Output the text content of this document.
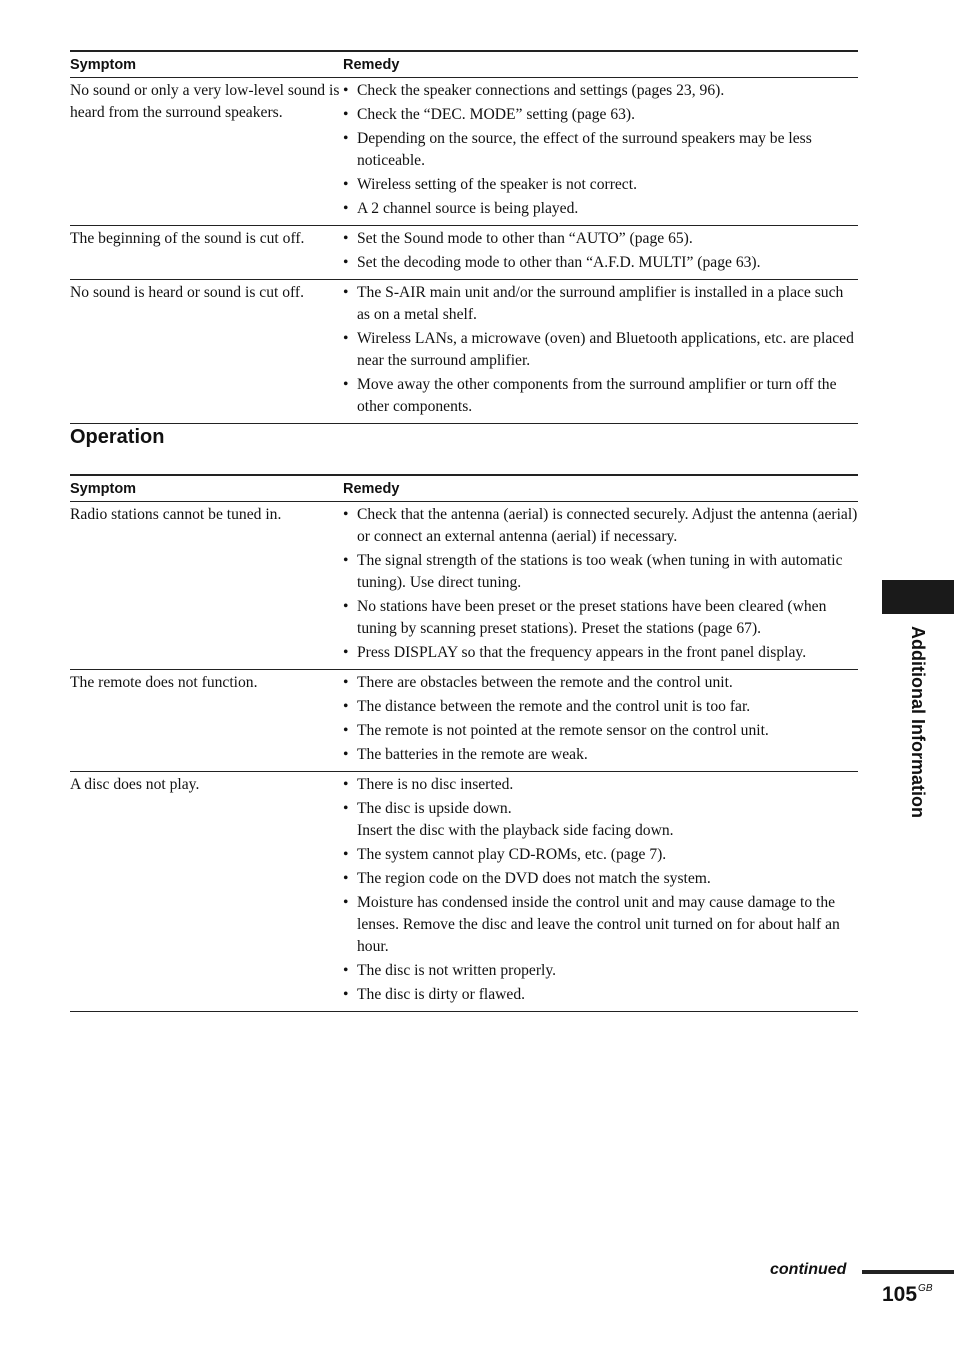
Symptom	Remedy
No sound or only a very low-level sound is heard from the surround speakers.
• Check the speaker connections and settings (pages 23, 96).
• Check the “DEC. MODE” setting (page 63).
• Depending on the source, the effect of the surround speakers may be less noticeable.
• Wireless setting of the speaker is not correct.
• A 2 channel source is being played.
The beginning of the sound is cut off.	• Set the Sound mode to other than “AUTO” (page 65).
• Set the decoding mode to other than “A.F.D. MULTI” (page 63).
No sound is heard or sound is cut off.	• The S-AIR main unit and/or the surround amplifier is installed in a place such as on a metal shelf.
• Wireless LANs, a microwave (oven) and Bluetooth applications, etc. are placed near the surround amplifier.
• Move away the other components from the surround amplifier or turn off the other components.
Operation
Symptom	Remedy
Radio stations cannot be tuned in.	• Check that the antenna (aerial) is connected securely. Adjust the antenna (aerial) or connect an external antenna (aerial) if necessary.
• The signal strength of the stations is too weak (when tuning in with automatic tuning). Use direct tuning.
• No stations have been preset or the preset stations have been cleared (when tuning by scanning preset stations). Preset the stations (page 67).
• Press DISPLAY so that the frequency appears in the front panel display.
The remote does not function.	• There are obstacles between the remote and the control unit.
• The distance between the remote and the control unit is too far.
• The remote is not pointed at the remote sensor on the control unit.
• The batteries in the remote are weak.
A disc does not play.	• There is no disc inserted.
• The disc is upside down.
Insert the disc with the playback side facing down.
• The system cannot play CD-ROMs, etc. (page 7).
• The region code on the DVD does not match the system.
• Moisture has condensed inside the control unit and may cause damage to the lenses. Remove the disc and leave the control unit turned on for about half an hour.
• The disc is not written properly.
• The disc is dirty or flawed.
Additional Information
continued
$105^{GB}$
